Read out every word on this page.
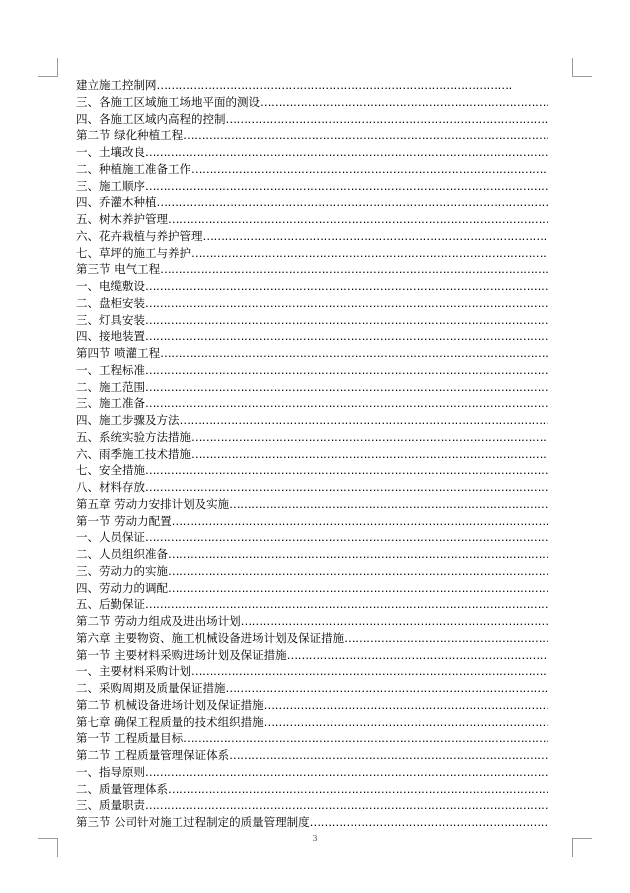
建立施工控制网
……………………………………………………………………………………………………………………………………
三、各施工区域施工场地平面的测设
……………………………………………………………………………………………………………………………………
四、各施工区域内高程的控制
……………………………………………………………………………………………………………………………………
第二节 绿化种植工程
……………………………………………………………………………………………………………………………………
一、土壤改良
……………………………………………………………………………………………………………………………………
二、种植施工准备工作
……………………………………………………………………………………………………………………………………
三、施工顺序
……………………………………………………………………………………………………………………………………
四、乔灌木种植
……………………………………………………………………………………………………………………………………
五、树木养护管理
……………………………………………………………………………………………………………………………………
六、花卉栽植与养护管理
……………………………………………………………………………………………………………………………………
七、草坪的施工与养护
……………………………………………………………………………………………………………………………………
第三节 电气工程
……………………………………………………………………………………………………………………………………
一、电缆敷设
……………………………………………………………………………………………………………………………………
二、盘柜安装
……………………………………………………………………………………………………………………………………
三、灯具安装
……………………………………………………………………………………………………………………………………
四、接地装置
……………………………………………………………………………………………………………………………………
第四节 喷灌工程
……………………………………………………………………………………………………………………………………
一、工程标准
……………………………………………………………………………………………………………………………………
二、施工范围
……………………………………………………………………………………………………………………………………
三、施工准备
……………………………………………………………………………………………………………………………………
四、施工步骤及方法
……………………………………………………………………………………………………………………………………
五、系统实验方法措施
……………………………………………………………………………………………………………………………………
六、雨季施工技术措施
……………………………………………………………………………………………………………………………………
七、安全措施
……………………………………………………………………………………………………………………………………
八、材料存放
……………………………………………………………………………………………………………………………………
第五章 劳动力安排计划及实施
……………………………………………………………………………………………………………………………………
第一节 劳动力配置
……………………………………………………………………………………………………………………………………
一、人员保证
……………………………………………………………………………………………………………………………………
二、人员组织准备
……………………………………………………………………………………………………………………………………
三、劳动力的实施
……………………………………………………………………………………………………………………………………
四、劳动力的调配
……………………………………………………………………………………………………………………………………
五、后勤保证
……………………………………………………………………………………………………………………………………
第二节 劳动力组成及进出场计划
……………………………………………………………………………………………………………………………………
第六章 主要物资、施工机械设备进场计划及保证措施
……………………………………………………………………………………………………………………………………
第一节 主要材料采购进场计划及保证措施
……………………………………………………………………………………………………………………………………
一、主要材料采购计划
……………………………………………………………………………………………………………………………………
二、采购周期及质量保证措施
……………………………………………………………………………………………………………………………………
第二节 机械设备进场计划及保证措施
……………………………………………………………………………………………………………………………………
第七章 确保工程质量的技术组织措施
……………………………………………………………………………………………………………………………………
第一节 工程质量目标
……………………………………………………………………………………………………………………………………
第二节 工程质量管理保证体系
……………………………………………………………………………………………………………………………………
一、指导原则
……………………………………………………………………………………………………………………………………
二、质量管理体系
……………………………………………………………………………………………………………………………………
三、质量职责
……………………………………………………………………………………………………………………………………
第三节 公司针对施工过程制定的质量管理制度
……………………………………………………………………………………………………………………………………
3
